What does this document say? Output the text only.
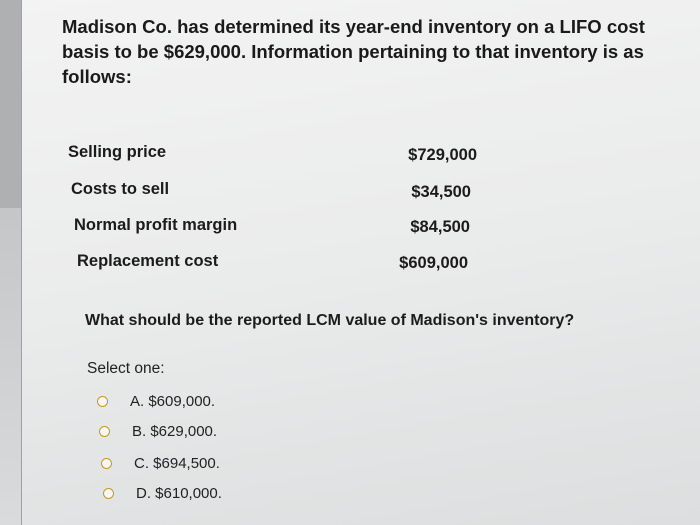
Madison Co. has determined its year-end inventory on a LIFO cost basis to be $629,000. Information pertaining to that inventory is as follows:
Selling price	$729,000
Costs to sell	$34,500
Normal profit margin	$84,500
Replacement cost	$609,000
What should be the reported LCM value of Madison's inventory?
Select one:
A. $609,000.
B. $629,000.
C. $694,500.
D. $610,000.
